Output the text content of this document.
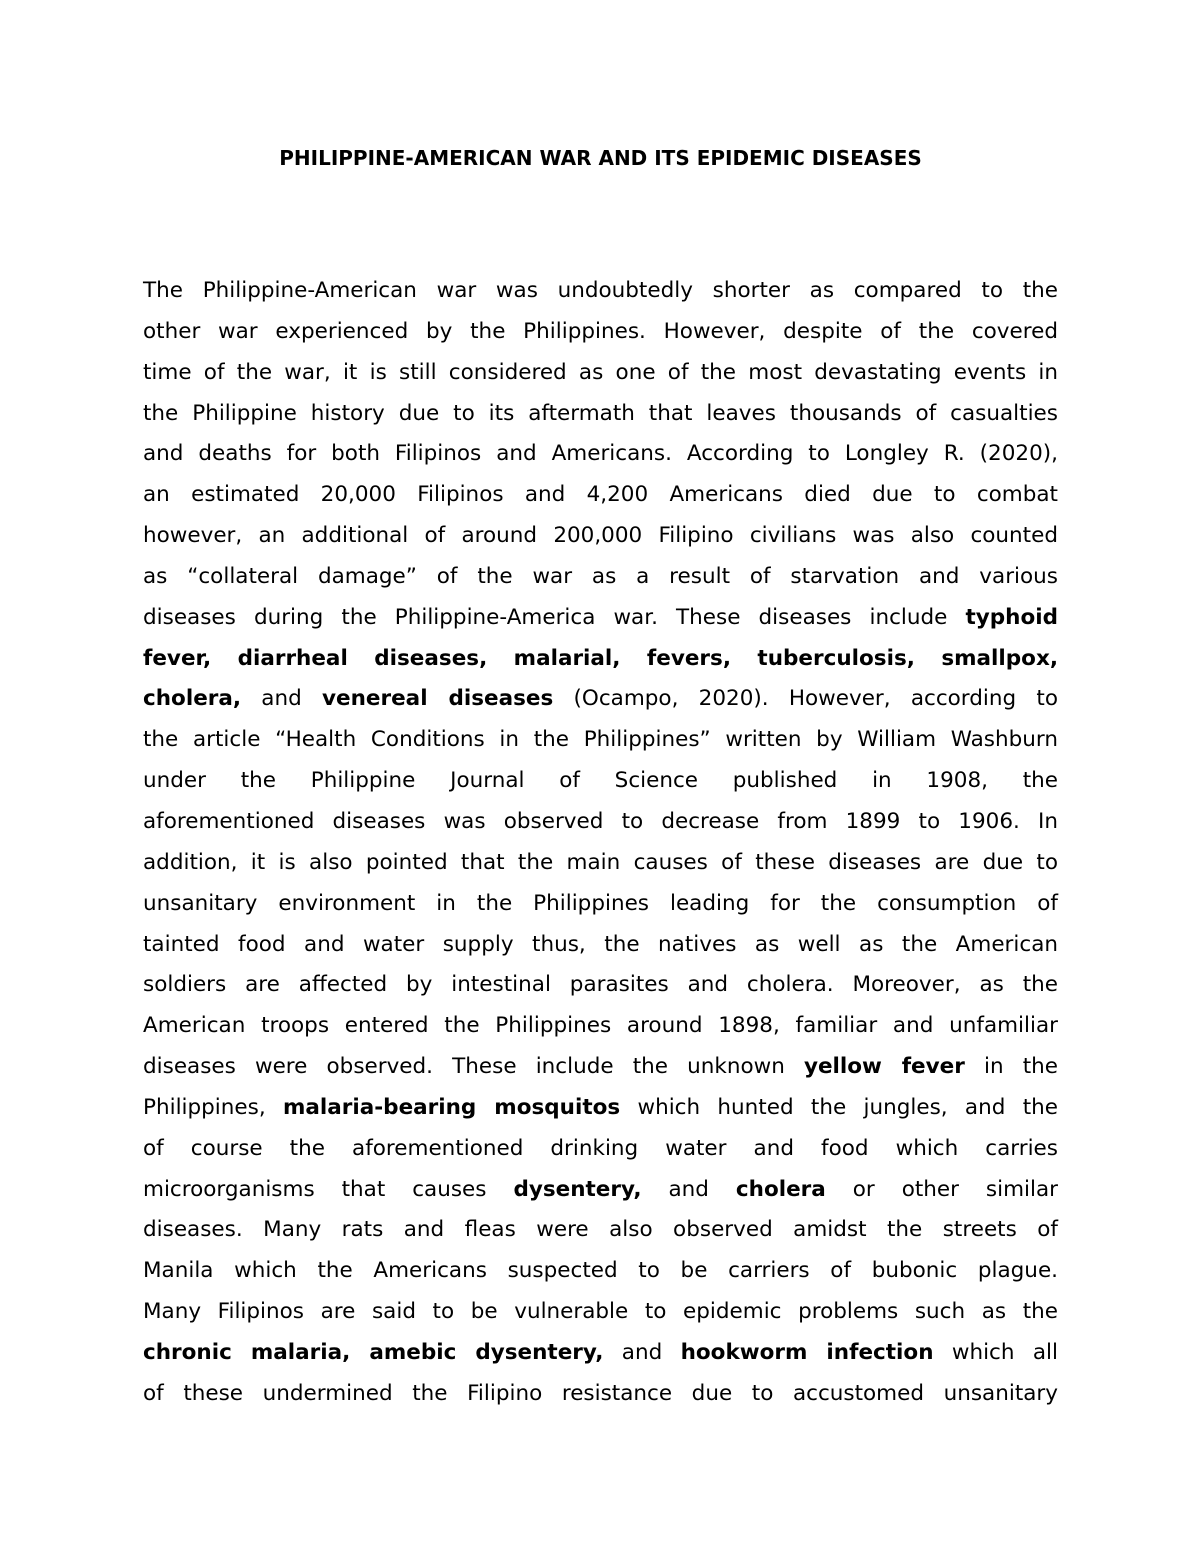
PHILIPPINE-AMERICAN WAR AND ITS EPIDEMIC DISEASES
The Philippine-American war was undoubtedly shorter as compared to the
other war experienced by the Philippines. However, despite of the covered
time of the war, it is still considered as one of the most devastating events in
the Philippine history due to its aftermath that leaves thousands of casualties
and deaths for both Filipinos and Americans. According to Longley R. (2020),
an estimated 20,000 Filipinos and 4,200 Americans died due to combat
however, an additional of around 200,000 Filipino civilians was also counted
as “collateral damage” of the war as a result of starvation and various
diseases during the Philippine-America war. These diseases include typhoid
fever, diarrheal diseases, malarial, fevers, tuberculosis, smallpox,
cholera, and venereal diseases (Ocampo, 2020). However, according to
the article “Health Conditions in the Philippines” written by William Washburn
under the Philippine Journal of Science published in 1908, the
aforementioned diseases was observed to decrease from 1899 to 1906. In
addition, it is also pointed that the main causes of these diseases are due to
unsanitary environment in the Philippines leading for the consumption of
tainted food and water supply thus, the natives as well as the American
soldiers are affected by intestinal parasites and cholera. Moreover, as the
American troops entered the Philippines around 1898, familiar and unfamiliar
diseases were observed. These include the unknown yellow fever in the
Philippines, malaria-bearing mosquitos which hunted the jungles, and the
of course the aforementioned drinking water and food which carries
microorganisms that causes dysentery, and cholera or other similar
diseases. Many rats and fleas were also observed amidst the streets of
Manila which the Americans suspected to be carriers of bubonic plague.
Many Filipinos are said to be vulnerable to epidemic problems such as the
chronic malaria, amebic dysentery, and hookworm infection which all
of these undermined the Filipino resistance due to accustomed unsanitary
